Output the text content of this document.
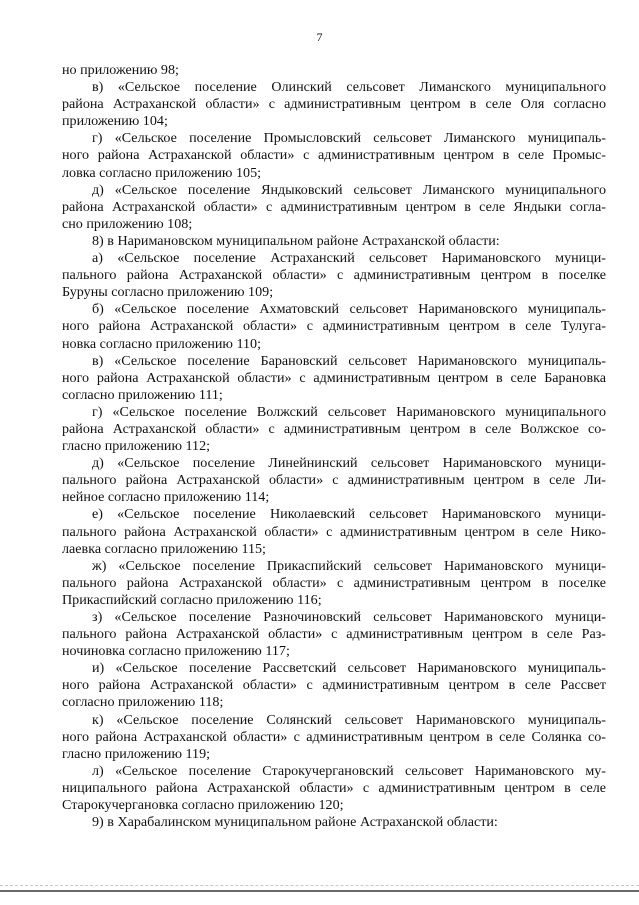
7
но приложению 98;
в) «Сельское поселение Олинский сельсовет Лиманского муниципального
района Астраханской области» с административным центром в селе Оля согласно
приложению 104;
г) «Сельское поселение Промысловский сельсовет Лиманского муниципаль-
ного района Астраханской области» с административным центром в селе Промыс-
ловка согласно приложению 105;
д) «Сельское поселение Яндыковский сельсовет Лиманского муниципального
района Астраханской области» с административным центром в селе Яндыки согла-
сно приложению 108;
8) в Наримановском муниципальном районе Астраханской области:
а) «Сельское поселение Астраханский сельсовет Наримановского муници-
пального района Астраханской области» с административным центром в поселке
Буруны согласно приложению 109;
б) «Сельское поселение Ахматовский сельсовет Наримановского муниципаль-
ного района Астраханской области» с административным центром в селе Тулуга-
новка согласно приложению 110;
в) «Сельское поселение Барановский сельсовет Наримановского муниципаль-
ного района Астраханской области» с административным центром в селе Барановка
согласно приложению 111;
г) «Сельское поселение Волжский сельсовет Наримановского муниципального
района Астраханской области» с административным центром в селе Волжское со-
гласно приложению 112;
д) «Сельское поселение Линейнинский сельсовет Наримановского муници-
пального района Астраханской области» с административным центром в селе Ли-
нейное согласно приложению 114;
е) «Сельское поселение Николаевский сельсовет Наримановского муници-
пального района Астраханской области» с административным центром в селе Нико-
лаевка согласно приложению 115;
ж) «Сельское поселение Прикаспийский сельсовет Наримановского муници-
пального района Астраханской области» с административным центром в поселке
Прикаспийский согласно приложению 116;
з) «Сельское поселение Разночиновский сельсовет Наримановского муници-
пального района Астраханской области» с административным центром в селе Раз-
ночиновка согласно приложению 117;
и) «Сельское поселение Рассветский сельсовет Наримановского муниципаль-
ного района Астраханской области» с административным центром в селе Рассвет
согласно приложению 118;
к) «Сельское поселение Солянский сельсовет Наримановского муниципаль-
ного района Астраханской области» с административным центром в селе Солянка со-
гласно приложению 119;
л) «Сельское поселение Старокучергановский сельсовет Наримановского му-
ниципального района Астраханской области» с административным центром в селе
Старокучергановка согласно приложению 120;
9) в Харабалинском муниципальном районе Астраханской области:
